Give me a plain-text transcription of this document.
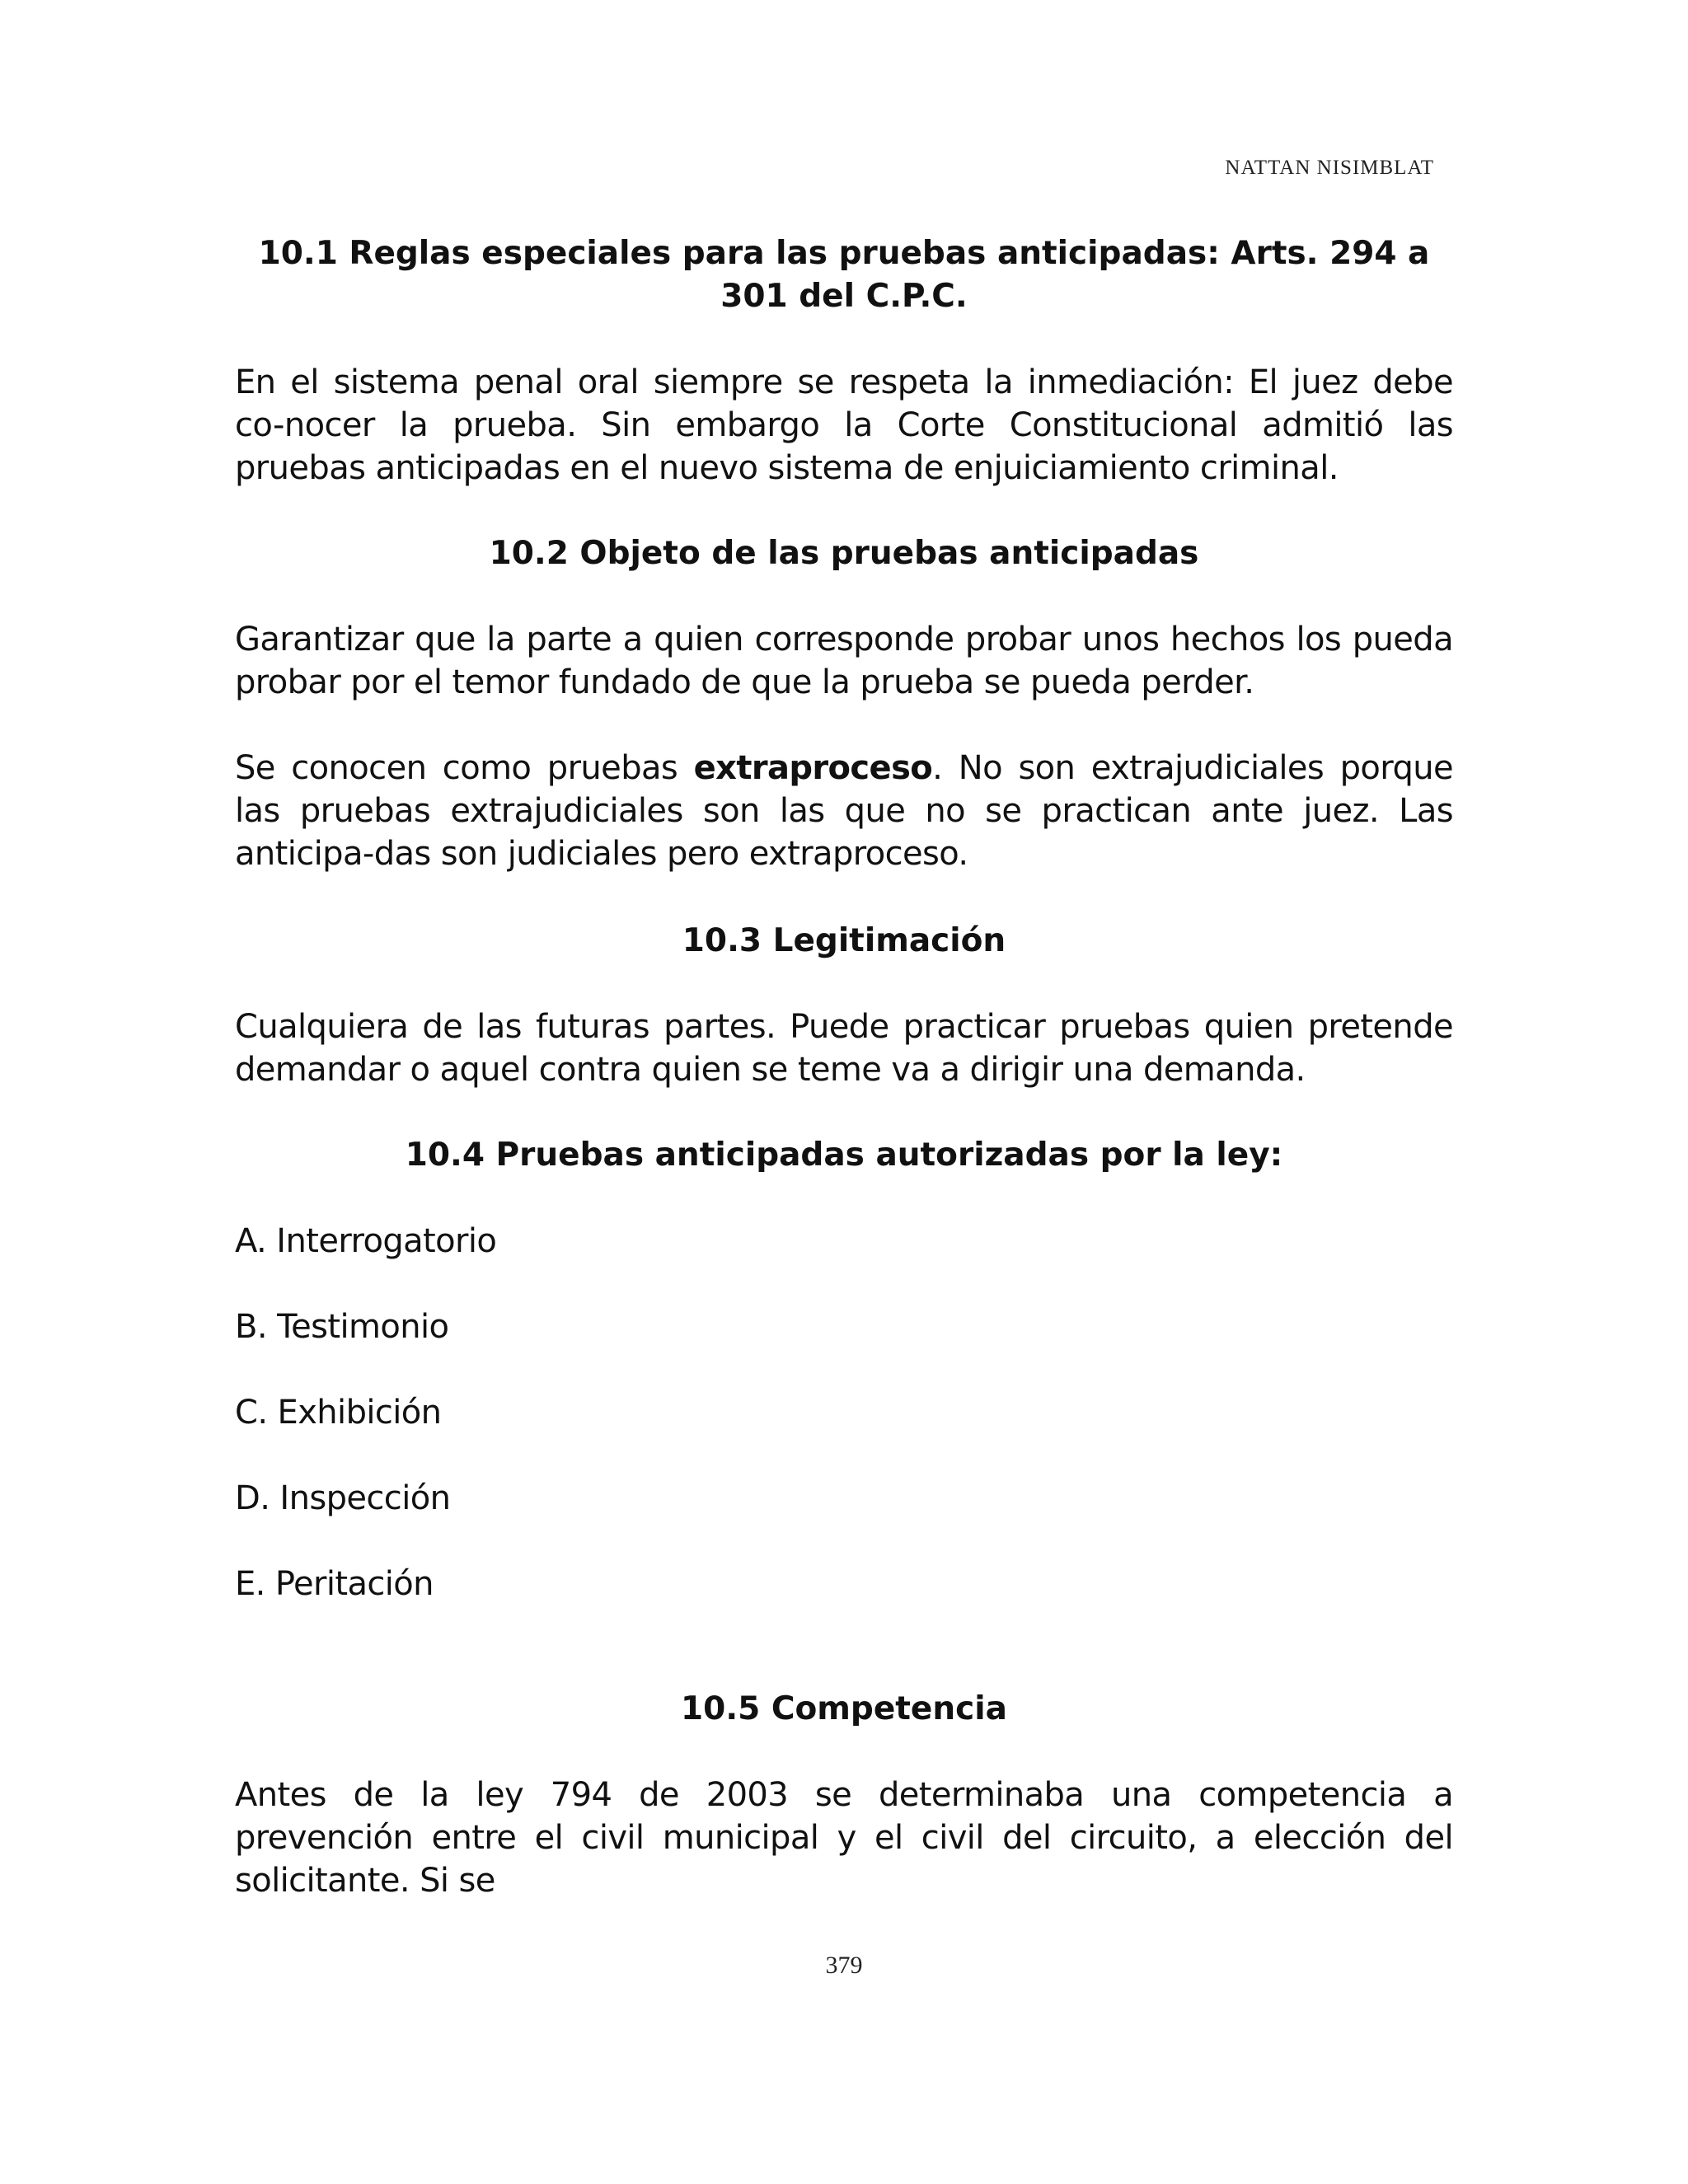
NATTAN NISIMBLAT
10.1 Reglas especiales para las pruebas anticipadas: Arts. 294 a
301 del C.P.C.

En el sistema penal oral siempre se respeta la inmediación: El juez debe co-nocer la prueba. Sin embargo la Corte Constitucional admitió las pruebas anticipadas en el nuevo sistema de enjuiciamiento criminal.

10.2 Objeto de las pruebas anticipadas

Garantizar que la parte a quien corresponde probar unos hechos los pueda probar por el temor fundado de que la prueba se pueda perder.

Se conocen como pruebas extraproceso. No son extrajudiciales porque las pruebas extrajudiciales son las que no se practican ante juez. Las anticipa-das son judiciales pero extraproceso.

10.3 Legitimación

Cualquiera de las futuras partes. Puede practicar pruebas quien pretende demandar o aquel contra quien se teme va a dirigir una demanda.

10.4 Pruebas anticipadas autorizadas por la ley:
A. Interrogatorio
B. Testimonio
C. Exhibición
D. Inspección
E. Peritación
10.5 Competencia

Antes de la ley 794 de 2003 se determinaba una competencia a prevención entre el civil municipal y el civil del circuito, a elección del solicitante. Si se

379
